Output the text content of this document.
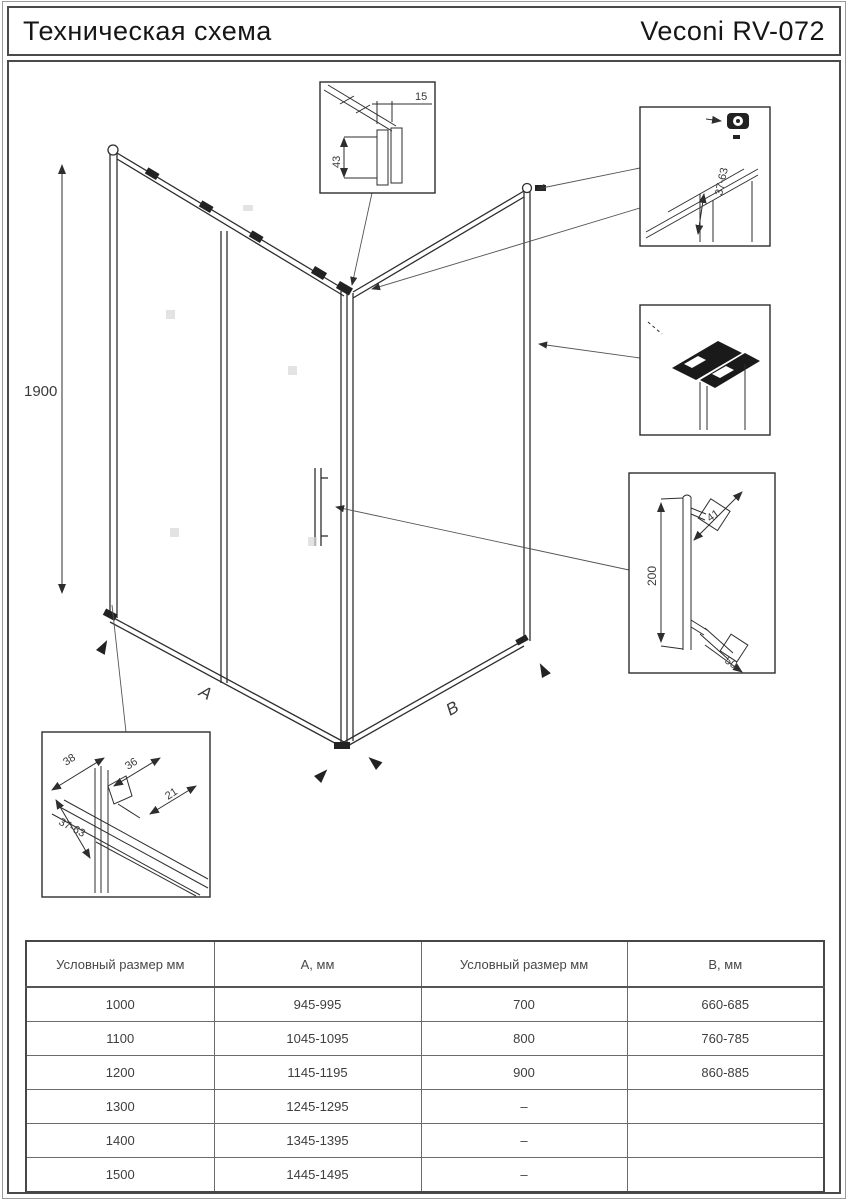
Техническая схема	Veconi RV-072
1900
A
B
15
43
37-63
200
41
50
38	36
21
37-63
Условный размер мм	А, мм	Условный размер мм	В, мм
1000	945-995	700	660-685
1100	1045-1095	800	760-785
1200	1145-1195	900	860-885
1300	1245-1295	–	
1400	1345-1395	–	
1500	1445-1495	–	
